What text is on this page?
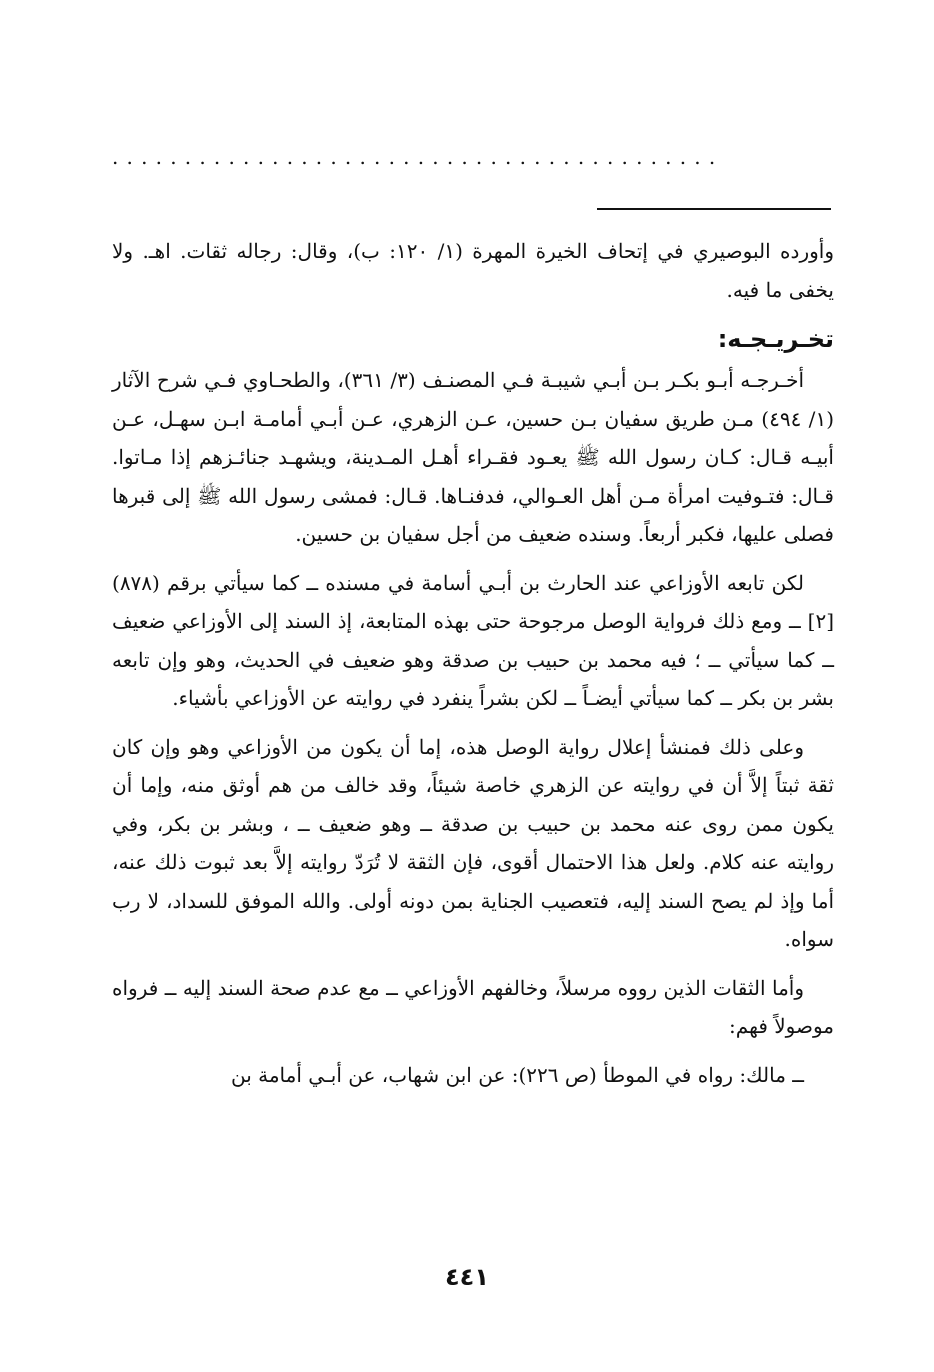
..........................................

وأورده البوصيري في إتحاف الخيرة المهرة (١/ ١٢٠: ب)، وقال: رجاله ثقات. اهـ. ولا يخفى ما فيه.

تخـريـجـه:

أخـرجـه أبـو بكـر بـن أبـي شيبـة فـي المصنـف (٣/ ٣٦١)، والطحـاوي فـي شرح الآثار (١/ ٤٩٤) مـن طريق سفيان بـن حسين، عـن الزهري، عـن أبـي أمامـة ابـن سهـل، عـن أبيـه قـال: كـان رسول الله ﷺ يعـود فقـراء أهـل المـدينة، ويشهـد جنائـزهم إذا مـاتوا. قـال: فتـوفيت امرأة مـن أهل العـوالي، فدفنـاها. قـال: فمشى رسول الله ﷺ إلى قبرها فصلى عليها، فكبر أربعاً. وسنده ضعيف من أجل سفيان بن حسين.

لكن تابعه الأوزاعي عند الحارث بن أبـي أسامة في مسنده ــ كما سيأتي برقم (٨٧٨) [٢] ــ ومع ذلك فرواية الوصل مرجوحة حتى بهذه المتابعة، إذ السند إلى الأوزاعي ضعيف ــ كما سيأتي ــ ؛ فيه محمد بن حبيب بن صدقة وهو ضعيف في الحديث، وهو وإن تابعه بشر بن بكر ــ كما سيأتي أيضـاً ــ لكن بشراً ينفرد في روايته عن الأوزاعي بأشياء.

وعلى ذلك فمنشأ إعلال رواية الوصل هذه، إما أن يكون من الأوزاعي وهو وإن كان ثقة ثبتاً إلاَّ أن في روايته عن الزهري خاصة شيئاً، وقد خالف من هم أوثق منه، وإما أن يكون ممن روى عنه محمد بن حبيب بن صدقة ــ وهو ضعيف ــ ، وبشر بن بكر، وفي روايته عنه كلام. ولعل هذا الاحتمال أقوى، فإن الثقة لا تُرَدّ روايته إلاَّ بعد ثبوت ذلك عنه، أما وإذ لم يصح السند إليه، فتعصيب الجناية بمن دونه أولى. والله الموفق للسداد، لا رب سواه.

وأما الثقات الذين رووه مرسلاً، وخالفهم الأوزاعي ــ مع عدم صحة السند إليه ــ فرواه موصولاً فهم:

ــ مالك: رواه في الموطأ (ص ٢٢٦): عن ابن شهاب، عن أبـي أمامة بن

٤٤١
